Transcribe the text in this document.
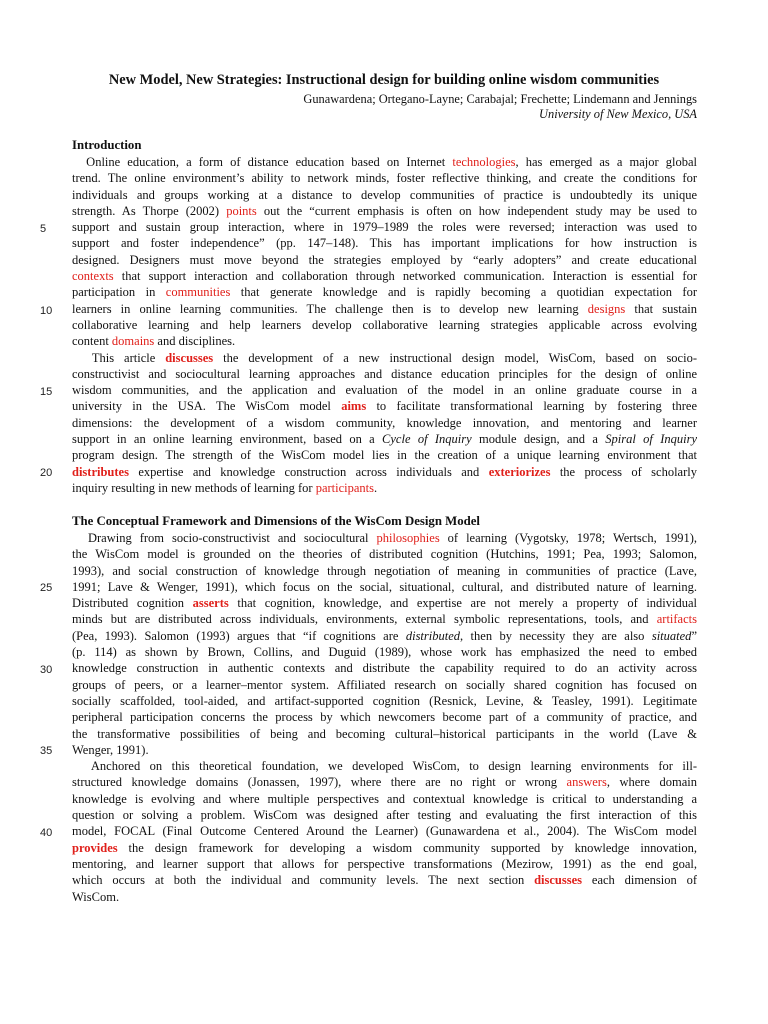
New Model, New Strategies: Instructional design for building online wisdom communities
Gunawardena; Ortegano-Layne; Carabajal; Frechette; Lindemann and Jennings
University of New Mexico, USA
Introduction
Online education, a form of distance education based on Internet technologies, has emerged as a major global
trend. The online environment’s ability to network minds, foster reflective thinking, and create the conditions for
individuals and groups working at a distance to develop communities of practice is undoubtedly its unique
strength. As Thorpe (2002) points out the “current emphasis is often on how independent study may be used to
support and sustain group interaction, where in 1979–1989 the roles were reversed; interaction was used to
support and foster independence” (pp. 147–148). This has important implications for how instruction is
designed. Designers must move beyond the strategies employed by “early adopters” and create educational
contexts that support interaction and collaboration through networked communication. Interaction is essential for
participation in communities that generate knowledge and is rapidly becoming a quotidian expectation for
learners in online learning communities. The challenge then is to develop new learning designs that sustain
collaborative learning and help learners develop collaborative learning strategies applicable across evolving
content domains and disciplines.
This article discusses the development of a new instructional design model, WisCom, based on socio-
constructivist and sociocultural learning approaches and distance education principles for the design of online
wisdom communities, and the application and evaluation of the model in an online graduate course in a
university in the USA. The WisCom model aims to facilitate transformational learning by fostering three
dimensions: the development of a wisdom community, knowledge innovation, and mentoring and learner
support in an online learning environment, based on a Cycle of Inquiry module design, and a Spiral of Inquiry
program design. The strength of the WisCom model lies in the creation of a unique learning environment that
distributes expertise and knowledge construction across individuals and exteriorizes the process of scholarly
inquiry resulting in new methods of learning for participants.
The Conceptual Framework and Dimensions of the WisCom Design Model
Drawing from socio-constructivist and sociocultural philosophies of learning (Vygotsky, 1978; Wertsch, 1991),
the WisCom model is grounded on the theories of distributed cognition (Hutchins, 1991; Pea, 1993; Salomon,
1993), and social construction of knowledge through negotiation of meaning in communities of practice (Lave,
1991; Lave & Wenger, 1991), which focus on the social, situational, cultural, and distributed nature of learning.
Distributed cognition asserts that cognition, knowledge, and expertise are not merely a property of individual
minds but are distributed across individuals, environments, external symbolic representations, tools, and artifacts
(Pea, 1993). Salomon (1993) argues that “if cognitions are distributed, then by necessity they are also situated”
(p. 114) as shown by Brown, Collins, and Duguid (1989), whose work has emphasized the need to embed
knowledge construction in authentic contexts and distribute the capability required to do an activity across
groups of peers, or a learner–mentor system. Affiliated research on socially shared cognition has focused on
socially scaffolded, tool-aided, and artifact-supported cognition (Resnick, Levine, & Teasley, 1991). Legitimate
peripheral participation concerns the process by which newcomers become part of a community of practice, and
the transformative possibilities of being and becoming cultural–historical participants in the world (Lave &
Wenger, 1991).
Anchored on this theoretical foundation, we developed WisCom, to design learning environments for ill-
structured knowledge domains (Jonassen, 1997), where there are no right or wrong answers, where domain
knowledge is evolving and where multiple perspectives and contextual knowledge is critical to understanding a
question or solving a problem. WisCom was designed after testing and evaluating the first interaction of this
model, FOCAL (Final Outcome Centered Around the Learner) (Gunawardena et al., 2004). The WisCom model
provides the design framework for developing a wisdom community supported by knowledge innovation,
mentoring, and learner support that allows for perspective transformations (Mezirow, 1991) as the end goal,
which occurs at both the individual and community levels. The next section discusses each dimension of
WisCom.
5
10
15
20
25
30
35
40
